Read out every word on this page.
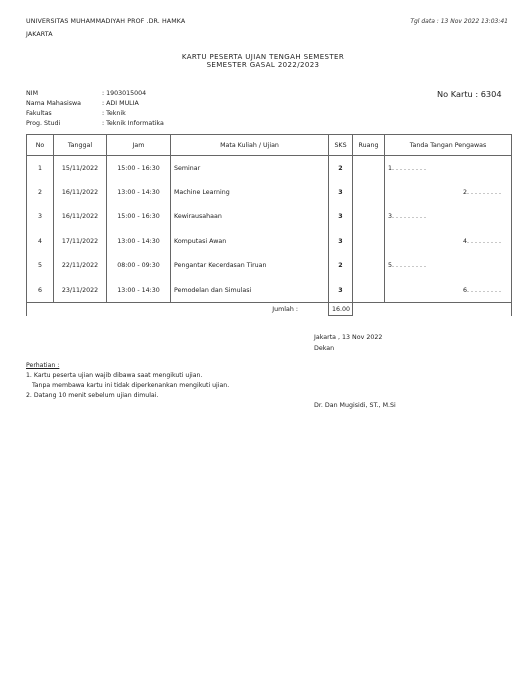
UNIVERSITAS MUHAMMADIYAH PROF .DR. HAMKA
JAKARTA
Tgl data : 13 Nov 2022 13:03:41
KARTU PESERTA UJIAN TENGAH SEMESTER
SEMESTER GASAL 2022/2023
NIM	: 1903015004
Nama Mahasiswa	: ADI MULIA
Fakultas	: Teknik
Prog. Studi	: Teknik Informatika
No Kartu : 6304
No	Tanggal	Jam	Mata Kuliah / Ujian	SKS	Ruang	Tanda Tangan Pengawas
1	15/11/2022	15:00 - 16:30	Seminar	2		1. . . . . . . . .
2	16/11/2022	13:00 - 14:30	Machine Learning	3		2. . . . . . . . .
3	16/11/2022	15:00 - 16:30	Kewirausahaan	3		3. . . . . . . . .
4	17/11/2022	13:00 - 14:30	Komputasi Awan	3		4. . . . . . . . .
5	22/11/2022	08:00 - 09:30	Pengantar Kecerdasan Tiruan	2		5. . . . . . . . .
6	23/11/2022	13:00 - 14:30	Pemodelan dan Simulasi	3		6. . . . . . . . .
Jumlah :				16.00		
Jakarta , 13 Nov 2022
Dekan
Dr. Dan Mugisidi, ST., M.Si
Perhatian :
1. Kartu peserta ujian wajib dibawa saat mengikuti ujian.
Tanpa membawa kartu ini tidak diperkenankan mengikuti ujian.
2. Datang 10 menit sebelum ujian dimulai.
